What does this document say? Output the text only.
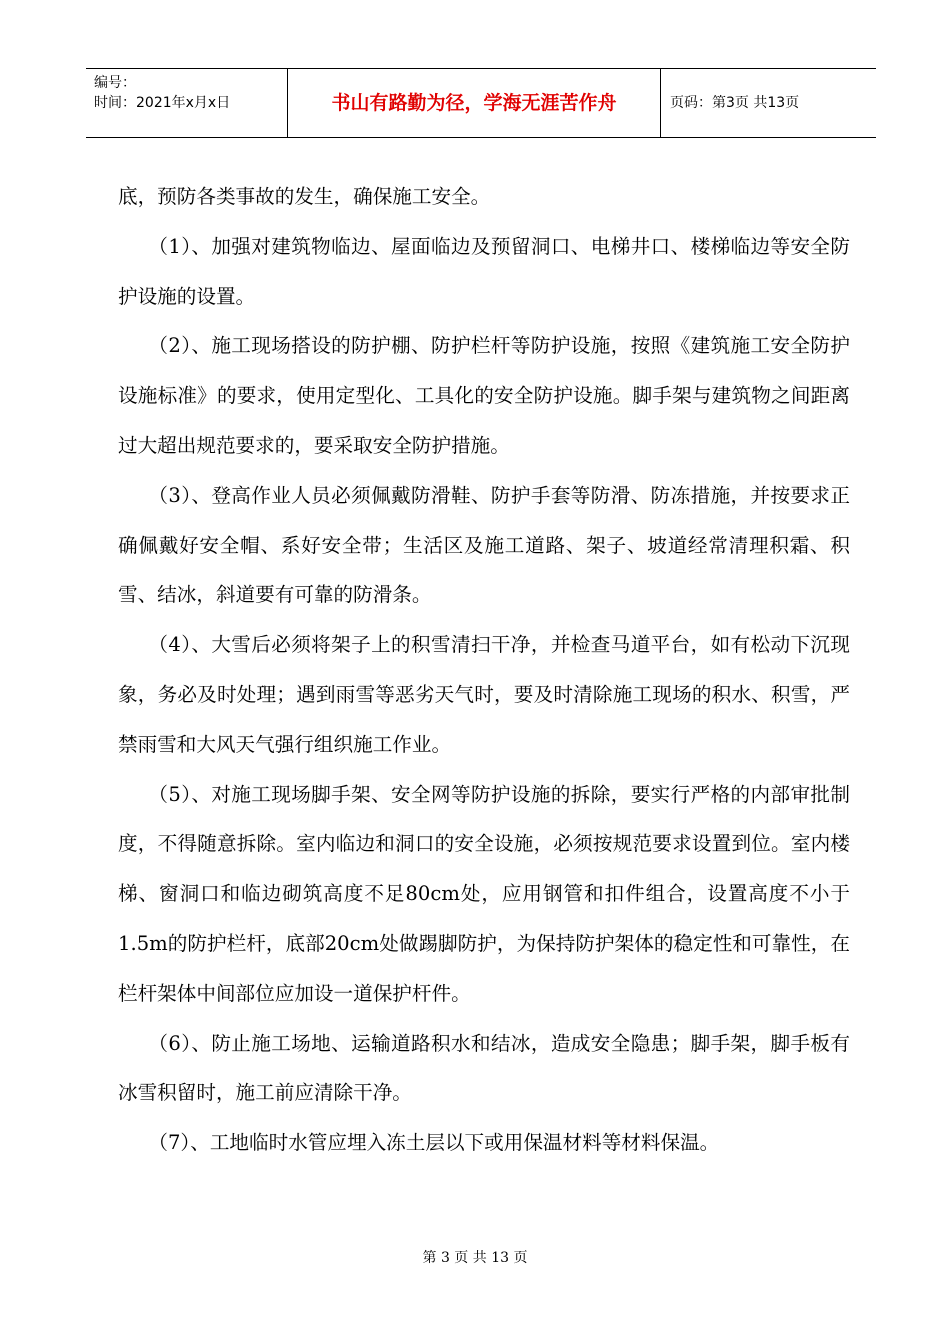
编号：
时间：2021年x月x日	书山有路勤为径，学海无涯苦作舟	页码：第3页 共13页

底，预防各类事故的发生，确保施工安全。

（1）、加强对建筑物临边、屋面临边及预留洞口、电梯井口、楼梯临边等安全防护设施的设置。

（2）、施工现场搭设的防护棚、防护栏杆等防护设施，按照《建筑施工安全防护设施标准》的要求，使用定型化、工具化的安全防护设施。脚手架与建筑物之间距离过大超出规范要求的，要采取安全防护措施。

（3）、登高作业人员必须佩戴防滑鞋、防护手套等防滑、防冻措施，并按要求正确佩戴好安全帽、系好安全带；生活区及施工道路、架子、坡道经常清理积霜、积雪、结冰，斜道要有可靠的防滑条。

（4）、大雪后必须将架子上的积雪清扫干净，并检查马道平台，如有松动下沉现象，务必及时处理；遇到雨雪等恶劣天气时，要及时清除施工现场的积水、积雪，严禁雨雪和大风天气强行组织施工作业。

（5）、对施工现场脚手架、安全网等防护设施的拆除，要实行严格的内部审批制度，不得随意拆除。室内临边和洞口的安全设施，必须按规范要求设置到位。室内楼梯、窗洞口和临边砌筑高度不足80cm处，应用钢管和扣件组合，设置高度不小于1.5m的防护栏杆，底部20cm处做踢脚防护，为保持防护架体的稳定性和可靠性，在栏杆架体中间部位应加设一道保护杆件。

（6）、防止施工场地、运输道路积水和结冰，造成安全隐患；脚手架，脚手板有冰雪积留时，施工前应清除干净。

（7）、工地临时水管应埋入冻土层以下或用保温材料等材料保温。

第 3 页 共 13 页
